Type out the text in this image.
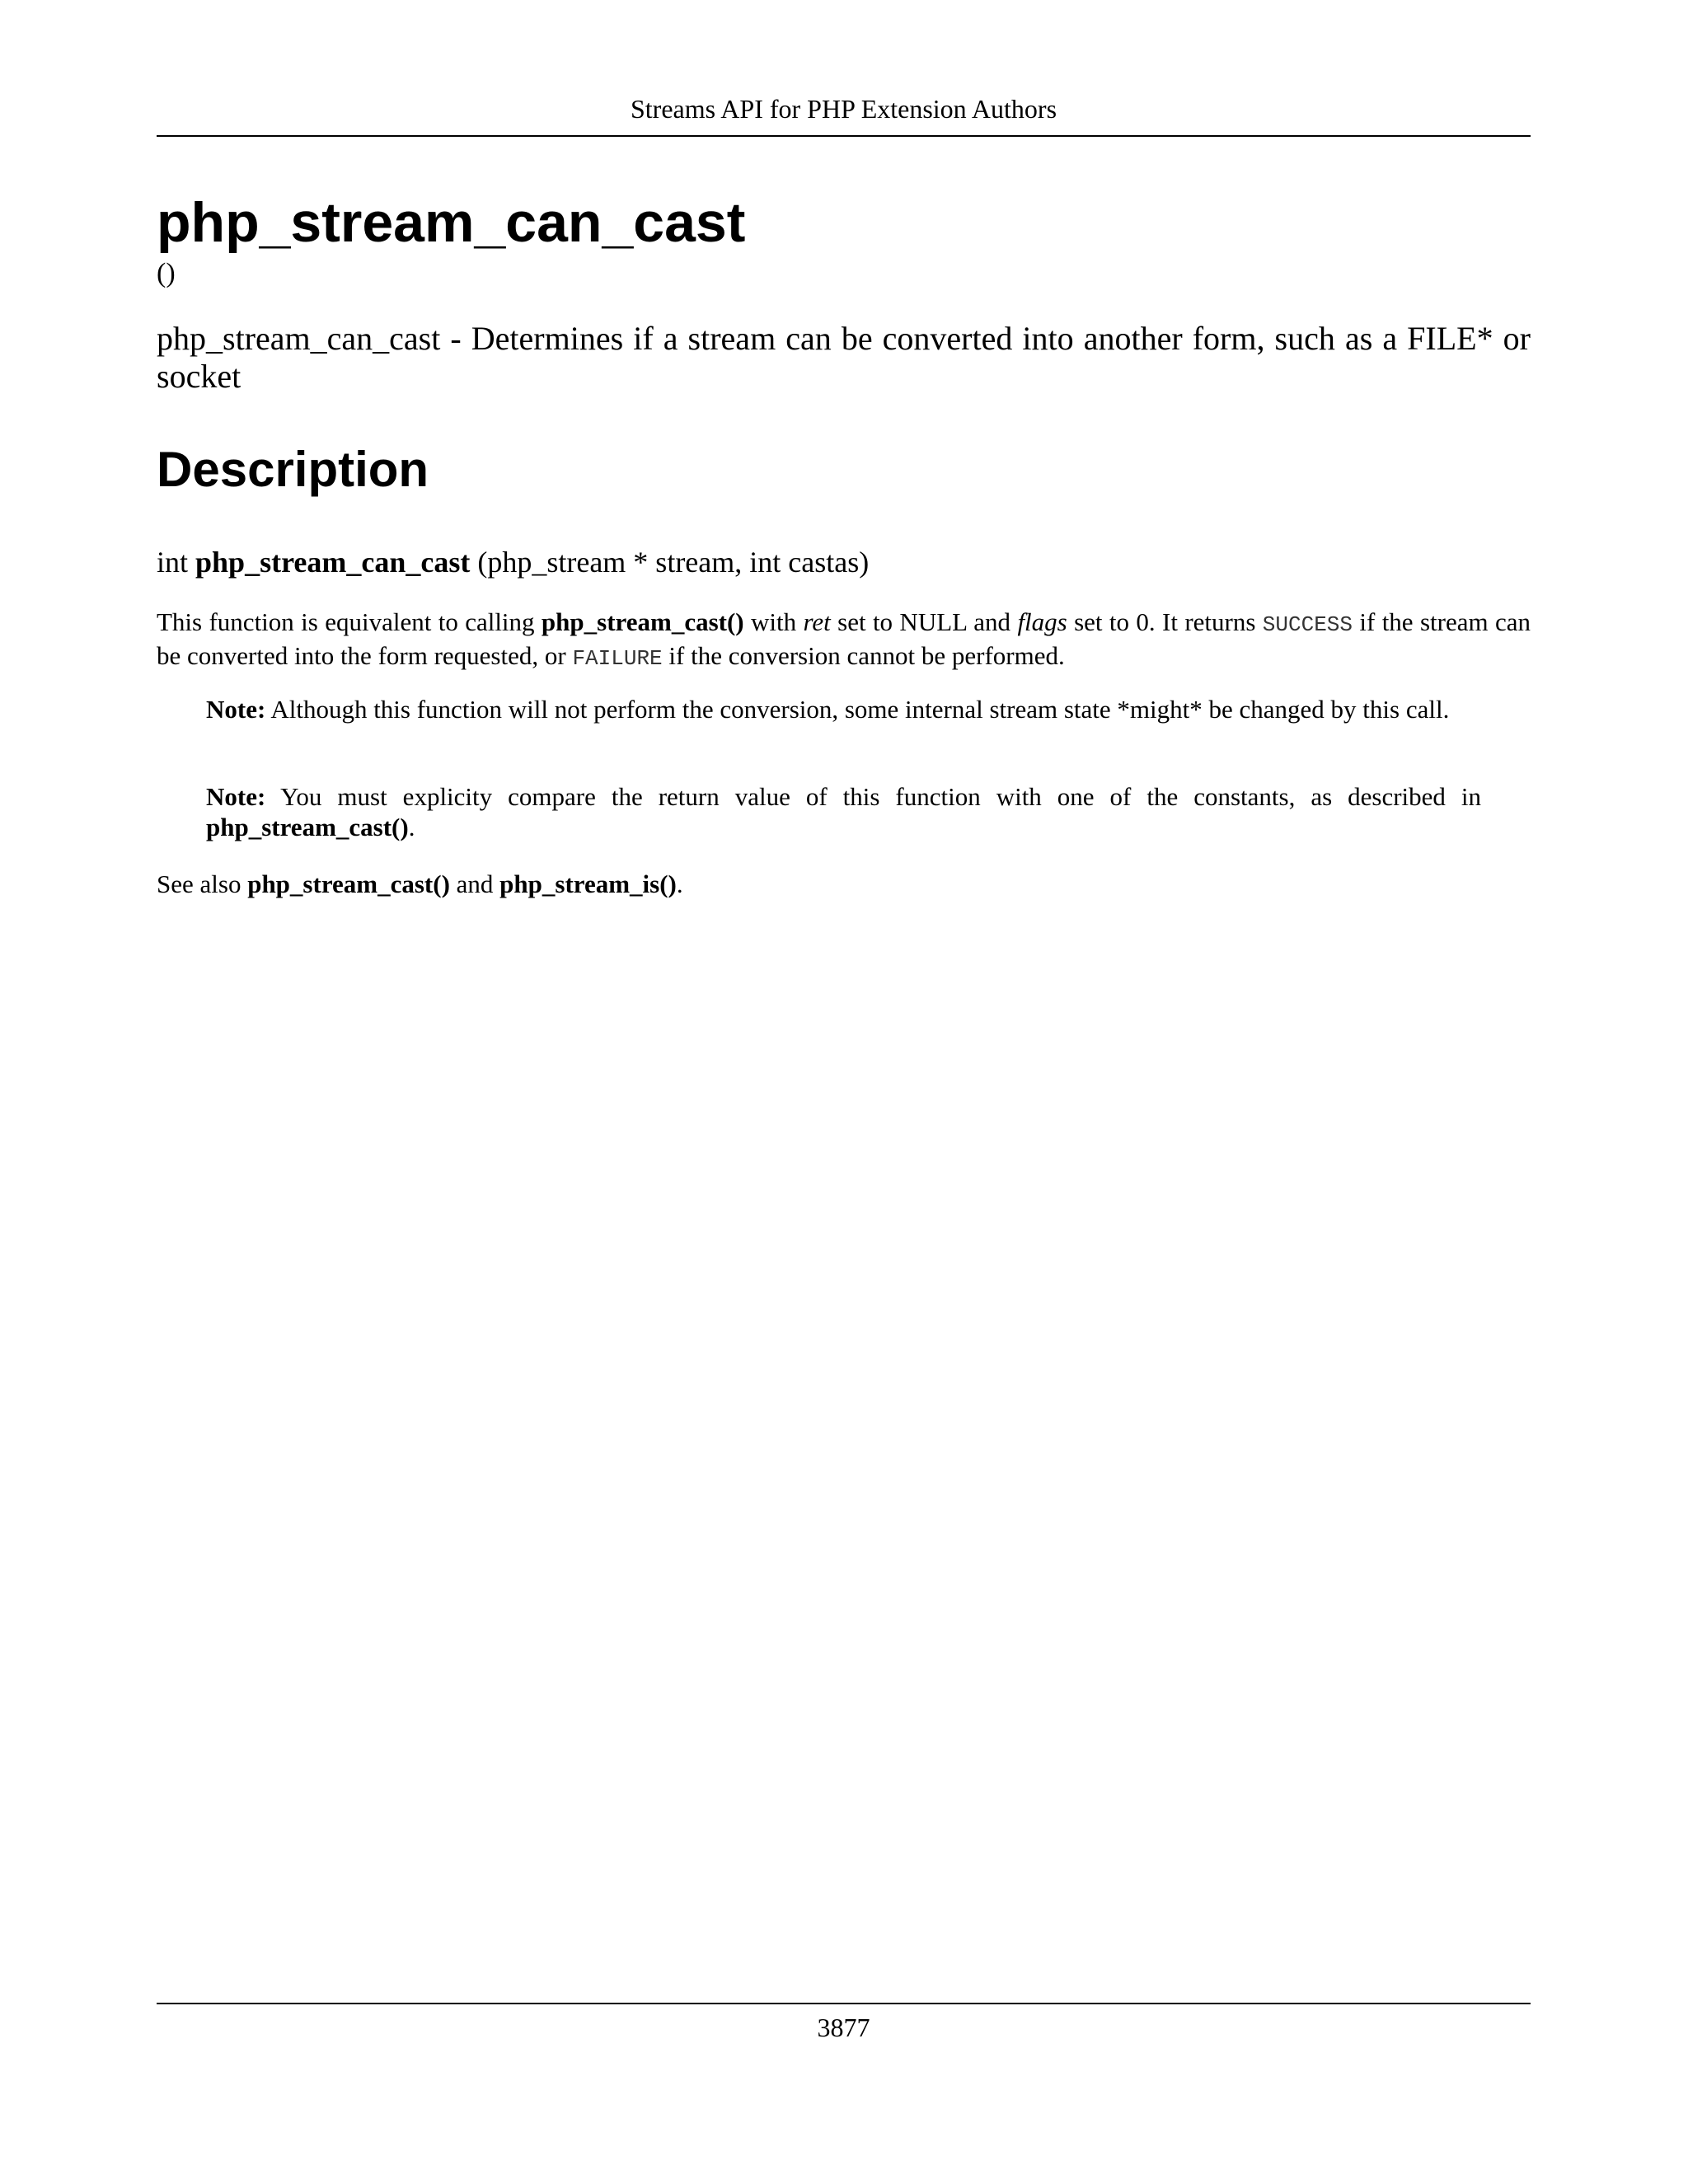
Streams API for PHP Extension Authors
php_stream_can_cast
()

php_stream_can_cast - Determines if a stream can be converted into another form, such as a FILE* or socket

Description

int php_stream_can_cast (php_stream * stream, int castas)

This function is equivalent to calling php_stream_cast() with ret set to NULL and flags set to 0. It returns SUCCESS if the stream can be converted into the form requested, or FAILURE if the conversion cannot be performed.

Note: Although this function will not perform the conversion, some internal stream state *might* be changed by this call.

Note: You must explicity compare the return value of this function with one of the constants, as described in php_stream_cast().

See also php_stream_cast() and php_stream_is().

3877
